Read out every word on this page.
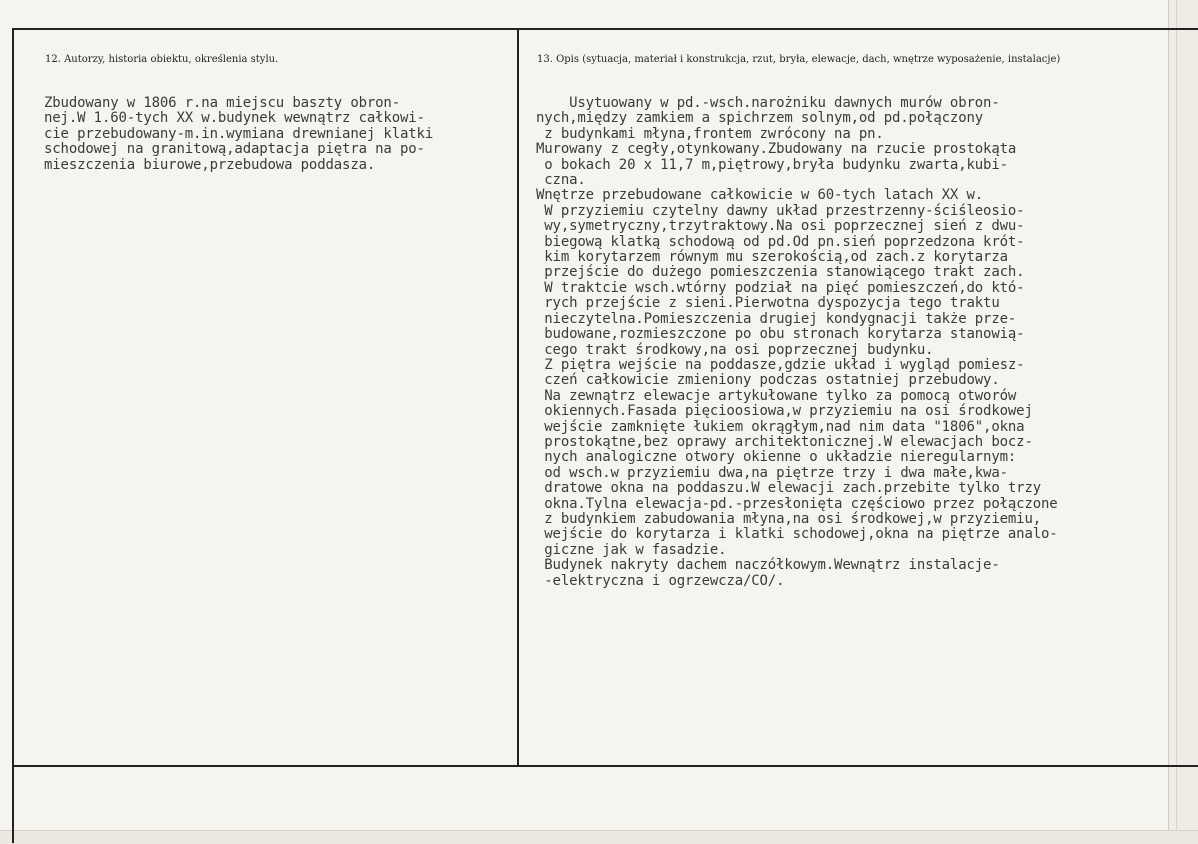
12. Autorzy, historia obiektu, określenia stylu.	13. Opis (sytuacja, materiał i konstrukcja, rzut, bryła, elewacje, dach, wnętrze wyposażenie, instalacje)
Zbudowany w 1806 r.na miejscu baszty obron-
nej.W 1.60-tych XX w.budynek wewnątrz całkowi-
cie przebudowany-m.in.wymiana drewnianej klatki
schodowej na granitową,adaptacja piętra na po-
mieszczenia biurowe,przebudowa poddasza.
Usytuowany w pd.-wsch.narożniku dawnych murów obron-
nych,między zamkiem a spichrzem solnym,od pd.połączony
z budynkami młyna,frontem zwrócony na pn.
Murowany z cegły,otynkowany.Zbudowany na rzucie prostokąta
o bokach 20 x 11,7 m,piętrowy,bryła budynku zwarta,kubi-
czna.
Wnętrze przebudowane całkowicie w 60-tych latach XX w.
W przyziemiu czytelny dawny układ przestrzenny-ściśleosio-
wy,symetryczny,trzytraktowy.Na osi poprzecznej sień z dwu-
biegową klatką schodową od pd.Od pn.sień poprzedzona krót-
kim korytarzem równym mu szerokością,od zach.z korytarza
przejście do dużego pomieszczenia stanowiącego trakt zach.
W traktcie wsch.wtórny podział na pięć pomieszczeń,do któ-
rych przejście z sieni.Pierwotna dyspozycja tego traktu
nieczytelna.Pomieszczenia drugiej kondygnacji także prze-
budowane,rozmieszczone po obu stronach korytarza stanowią-
cego trakt środkowy,na osi poprzecznej budynku.
Z piętra wejście na poddasze,gdzie układ i wygląd pomiesz-
czeń całkowicie zmieniony podczas ostatniej przebudowy.
Na zewnątrz elewacje artykułowane tylko za pomocą otworów
okiennych.Fasada pięcioosiowa,w przyziemiu na osi środkowej
wejście zamknięte łukiem okrągłym,nad nim data "1806",okna
prostokątne,bez oprawy architektonicznej.W elewacjach bocz-
nych analogiczne otwory okienne o układzie nieregularnym:
od wsch.w przyziemiu dwa,na piętrze trzy i dwa małe,kwa-
dratowe okna na poddaszu.W elewacji zach.przebite tylko trzy
okna.Tylna elewacja-pd.-przesłonięta częściowo przez połączone
z budynkiem zabudowania młyna,na osi środkowej,w przyziemiu,
wejście do korytarza i klatki schodowej,okna na piętrze analo-
giczne jak w fasadzie.
Budynek nakryty dachem naczółkowym.Wewnątrz instalacje-
-elektryczna i ogrzewcza/CO/.
